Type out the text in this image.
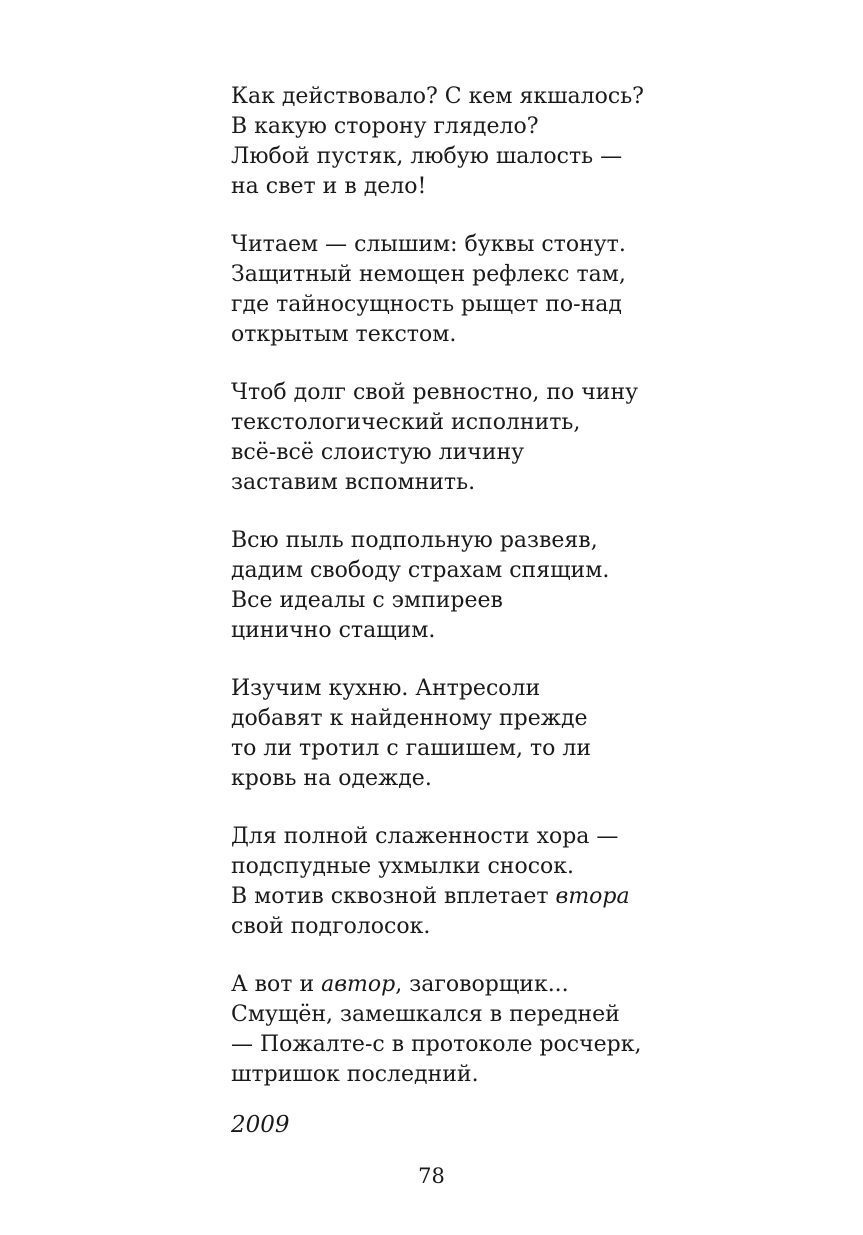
Как действовало? С кем якшалось?
В какую сторону глядело?
Любой пустяк, любую шалость —
на свет и в дело!
Читаем — слышим: буквы стонут.
Защитный немощен рефлекс там,
где тайносущность рыщет по-над
открытым текстом.
Чтоб долг свой ревностно, по чину
текстологический исполнить,
всё-всё слоистую личину
заставим вспомнить.
Всю пыль подпольную развеяв,
дадим свободу страхам спящим.
Все идеалы с эмпиреев
цинично стащим.
Изучим кухню. Антресоли
добавят к найденному прежде
то ли тротил с гашишем, то ли
кровь на одежде.
Для полной слаженности хора —
подспудные ухмылки сносок.
В мотив сквозной вплетает втора
свой подголосок.
А вот и автор, заговорщик...
Смущён, замешкался в передней
— Пожалте-с в протоколе росчерк,
штришок последний.
2009
78
